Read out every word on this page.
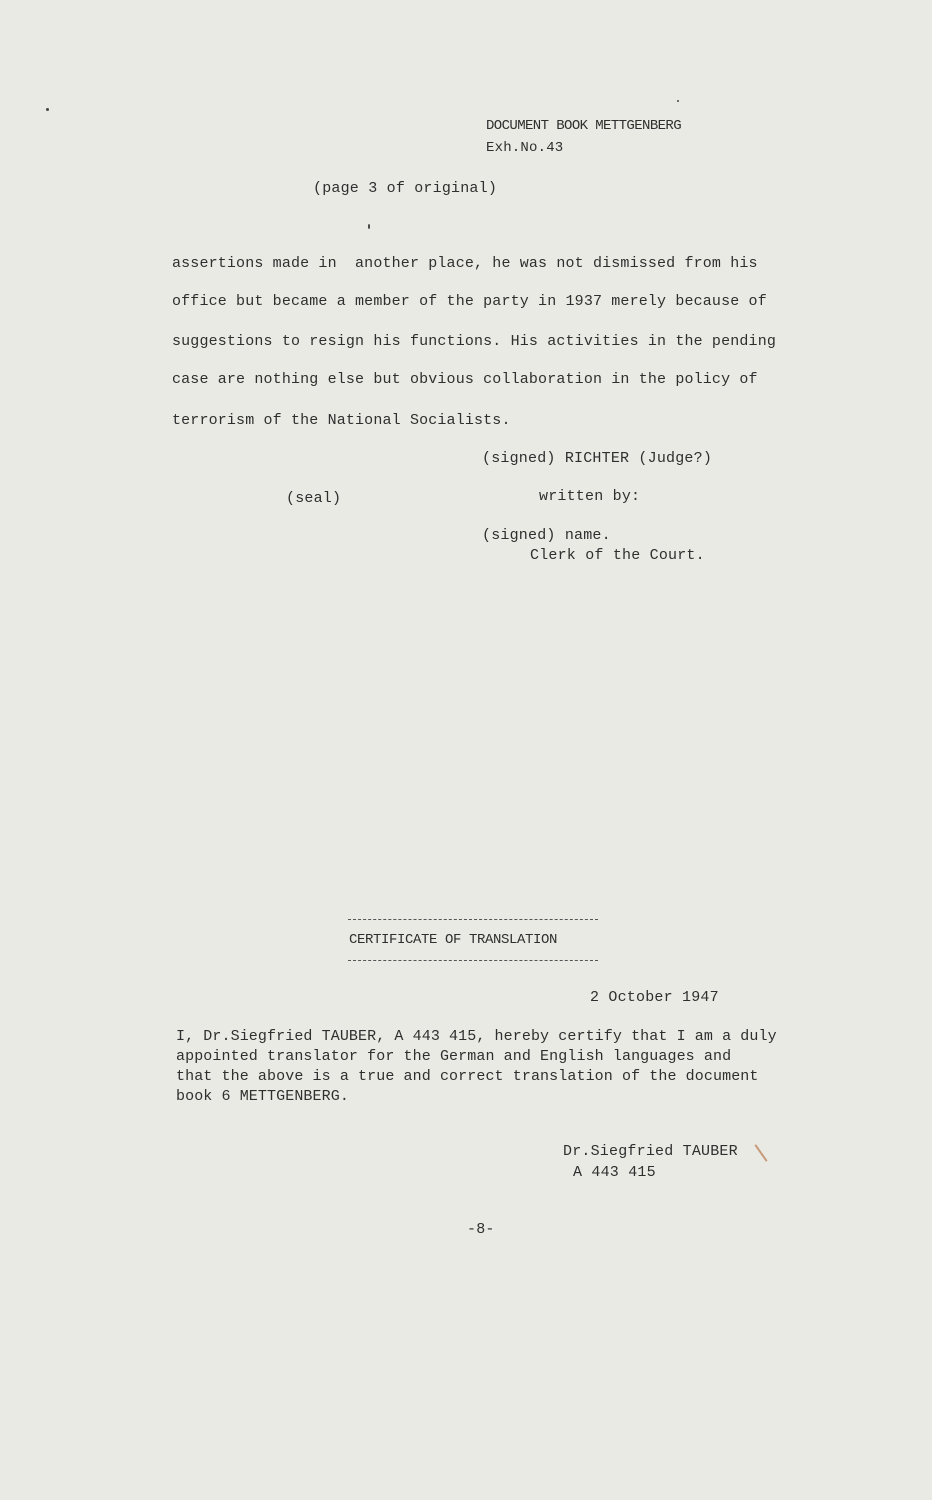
DOCUMENT BOOK METTGENBERG
Exh.No.43
(page 3 of original)
assertions made in  another place, he was not dismissed from his
office but became a member of the party in 1937 merely because of
suggestions to resign his functions. His activities in the pending
case are nothing else but obvious collaboration in the policy of
terrorism of the National Socialists.
(signed) RICHTER (Judge?)
(seal)	written by:
(signed) name.
Clerk of the Court.
CERTIFICATE OF TRANSLATION
2 October 1947
I, Dr.Siegfried TAUBER, A 443 415, hereby certify that I am a duly
appointed translator for the German and English languages and
that the above is a true and correct translation of the document
book 6 METTGENBERG.
Dr.Siegfried TAUBER
A 443 415
-8-
